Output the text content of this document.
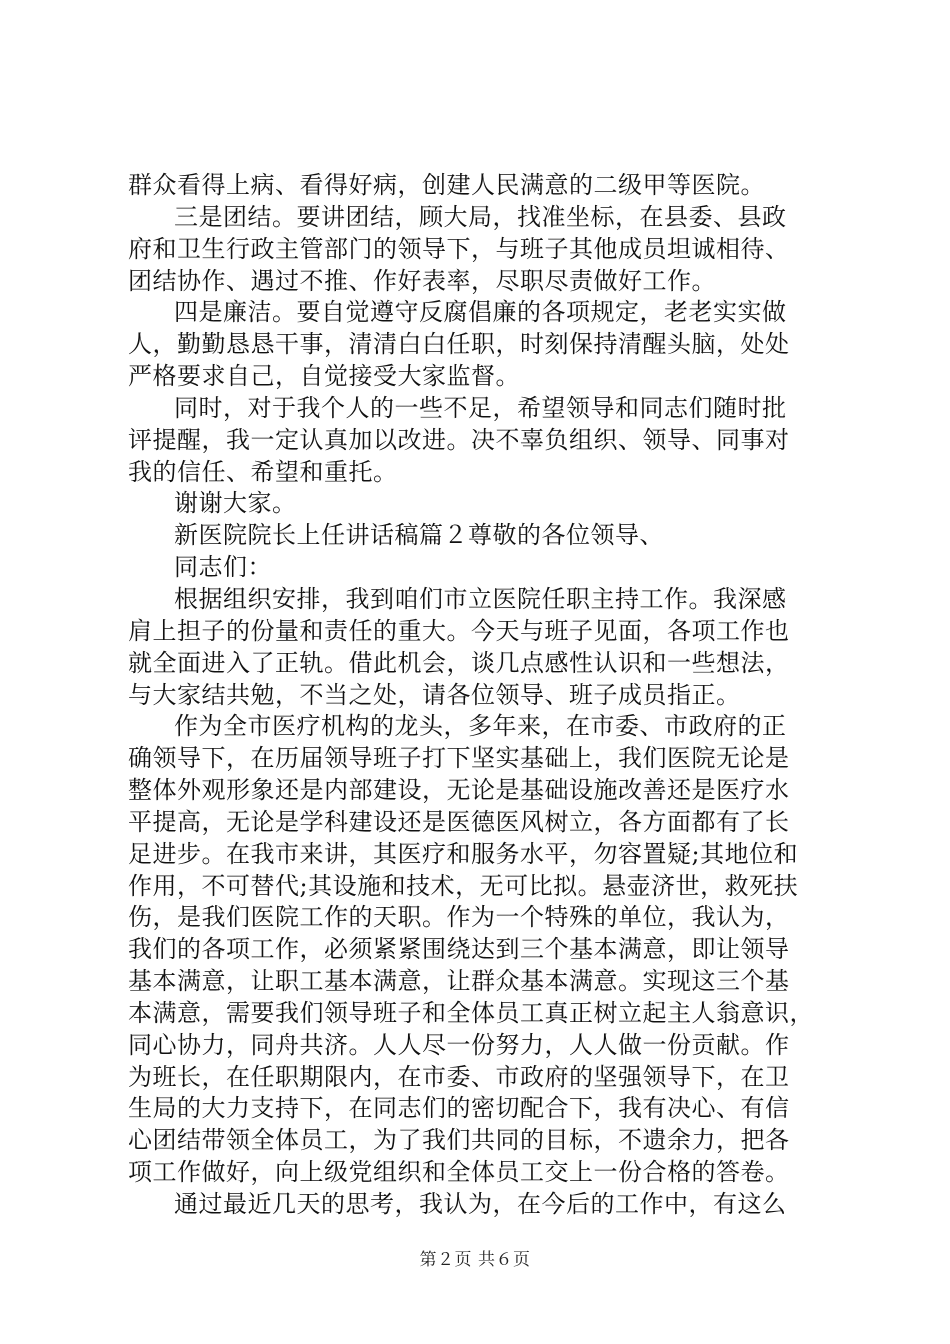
群众看得上病、看得好病，创建人民满意的二级甲等医院。
三是团结。要讲团结，顾大局，找准坐标，在县委、县政
府和卫生行政主管部门的领导下，与班子其他成员坦诚相待、
团结协作、遇过不推、作好表率，尽职尽责做好工作。
四是廉洁。要自觉遵守反腐倡廉的各项规定，老老实实做
人，勤勤恳恳干事，清清白白任职，时刻保持清醒头脑，处处
严格要求自己，自觉接受大家监督。
同时，对于我个人的一些不足，希望领导和同志们随时批
评提醒，我一定认真加以改进。决不辜负组织、领导、同事对
我的信任、希望和重托。
谢谢大家。
新医院院长上任讲话稿篇２尊敬的各位领导、
同志们：
根据组织安排，我到咱们市立医院任职主持工作。我深感
肩上担子的份量和责任的重大。今天与班子见面，各项工作也
就全面进入了正轨。借此机会，谈几点感性认识和一些想法，
与大家结共勉，不当之处，请各位领导、班子成员指正。
作为全市医疗机构的龙头，多年来，在市委、市政府的正
确领导下，在历届领导班子打下坚实基础上，我们医院无论是
整体外观形象还是内部建设，无论是基础设施改善还是医疗水
平提高，无论是学科建设还是医德医风树立，各方面都有了长
足进步。在我市来讲，其医疗和服务水平，勿容置疑;其地位和
作用，不可替代;其设施和技术，无可比拟。悬壶济世，救死扶
伤，是我们医院工作的天职。作为一个特殊的单位，我认为，
我们的各项工作，必须紧紧围绕达到三个基本满意，即让领导
基本满意，让职工基本满意，让群众基本满意。实现这三个基
本满意，需要我们领导班子和全体员工真正树立起主人翁意识，
同心协力，同舟共济。人人尽一份努力，人人做一份贡献。作
为班长，在任职期限内，在市委、市政府的坚强领导下，在卫
生局的大力支持下，在同志们的密切配合下，我有决心、有信
心团结带领全体员工，为了我们共同的目标，不遗余力，把各
项工作做好，向上级党组织和全体员工交上一份合格的答卷。
通过最近几天的思考，我认为，在今后的工作中，有这么
第２页 共６页
